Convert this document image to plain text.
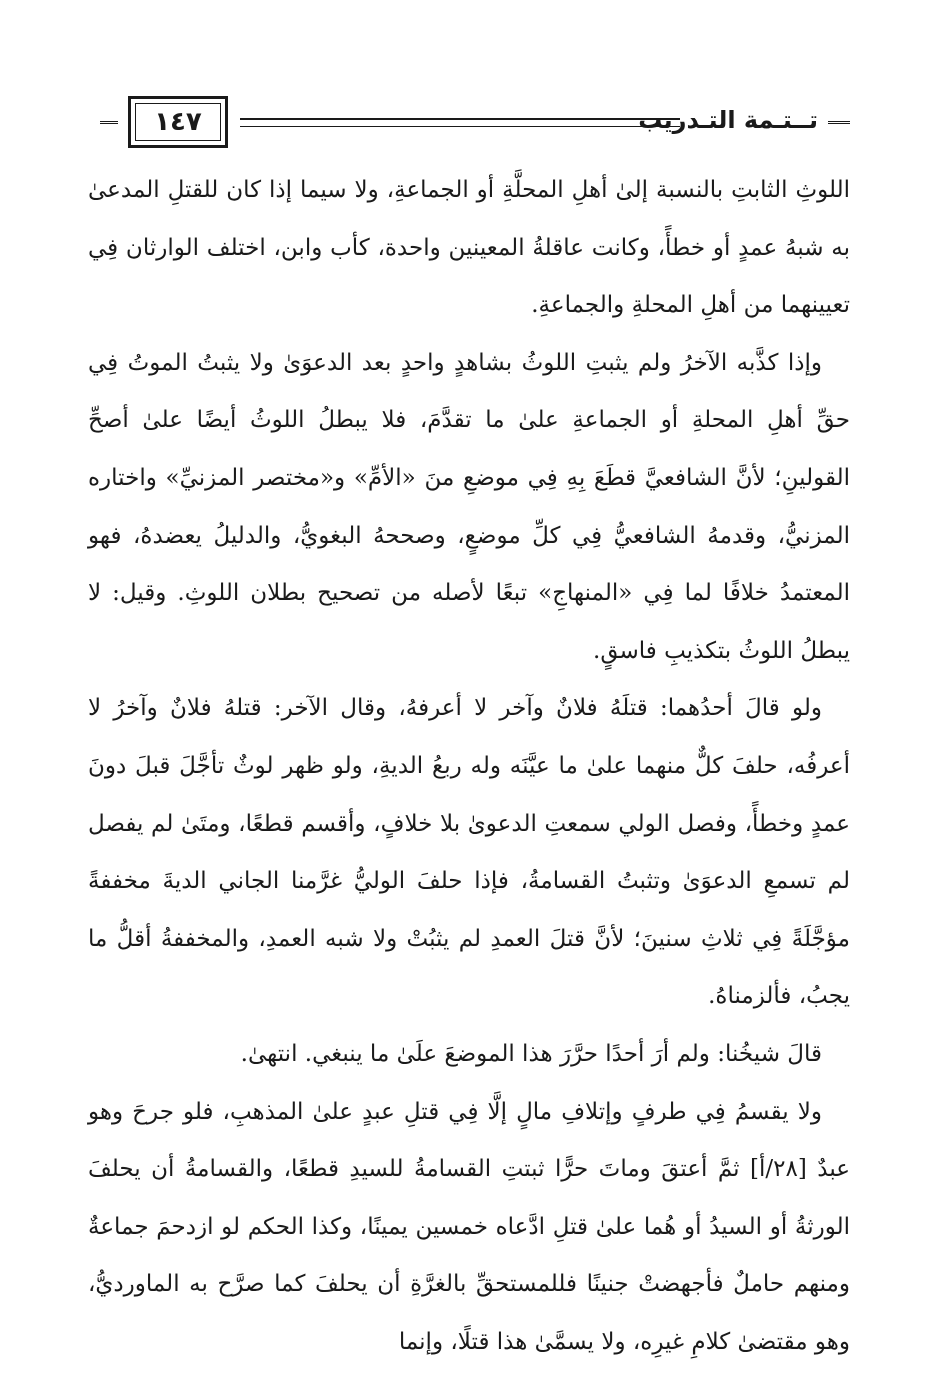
تــتـمة التـدريب
١٤٧

اللوثِ الثابتِ بالنسبة إلىٰ أهلِ المحلَّةِ أو الجماعةِ، ولا سيما إذا كان للقتلِ المدعىٰ به شبهُ عمدٍ أو خطأً، وكانت عاقلةُ المعينين واحدة، كأب وابن، اختلف الوارثان فِي تعيينهما من أهلِ المحلةِ والجماعةِ.

وإذا كذَّبه الآخرُ ولم يثبتِ اللوثُ بشاهدٍ واحدٍ بعد الدعوَىٰ ولا يثبتُ الموتُ فِي حقِّ أهلِ المحلةِ أو الجماعةِ علىٰ ما تقدَّمَ، فلا يبطلُ اللوثُ أيضًا علىٰ أصحِّ القولينِ؛ لأنَّ الشافعيَّ قطَعَ بِهِ فِي موضعِ منَ «الأمِّ» و«مختصر المزنيِّ» واختاره المزنيُّ، وقدمهُ الشافعيُّ فِي كلِّ موضعٍ، وصححهُ البغويُّ، والدليلُ يعضدهُ، فهو المعتمدُ خلافًا لما فِي «المنهاجِ» تبعًا لأصله من تصحيح بطلان اللوثِ. وقيل: لا يبطلُ اللوثُ بتكذيبِ فاسقٍ.

ولو قالَ أحدُهما: قتلَهُ فلانٌ وآخر لا أعرفهُ، وقال الآخر: قتلهُ فلانٌ وآخرُ لا أعرفُه، حلفَ كلٌّ منهما علىٰ ما عيَّنَه وله ربعُ الديةِ، ولو ظهر لوثٌ تأجَّلَ قبلَ دونَ عمدٍ وخطأً، وفصل الولي سمعتِ الدعوىٰ بلا خلافٍ، وأقسم قطعًا، ومتَىٰ لم يفصل لم تسمعِ الدعوَىٰ وتثبتُ القسامةُ، فإذا حلفَ الوليُّ غرَّمنا الجاني الديةَ مخففةً مؤجَّلَةً فِي ثلاثِ سنينَ؛ لأنَّ قتلَ العمدِ لم يثبُتْ ولا شبه العمدِ، والمخففةُ أقلُّ ما يجبُ، فألزمناهُ.

قالَ شيخُنا: ولم أرَ أحدًا حرَّرَ هذا الموضعَ علَىٰ ما ينبغي. انتهىٰ.

ولا يقسمُ فِي طرفٍ وإتلافِ مالٍ إلَّا فِي قتلِ عبدٍ علىٰ المذهبِ، فلو جرحَ وهو عبدٌ [٢٨/أ] ثمَّ أعتقَ وماتَ حرًّا ثبتتِ القسامةُ للسيدِ قطعًا، والقسامةُ أن يحلفَ الورثةُ أو السيدُ أو هُما علىٰ قتلِ ادَّعاه خمسين يمينًا، وكذا الحكم لو ازدحمَ جماعةٌ ومنهم حاملٌ فأجهضتْ جنينًا فللمستحقِّ بالغرَّةِ أن يحلفَ كما صرَّح به الماورديُّ، وهو مقتضىٰ كلامِ غيرِه، ولا يسمَّىٰ هذا قتلًا، وإنما
